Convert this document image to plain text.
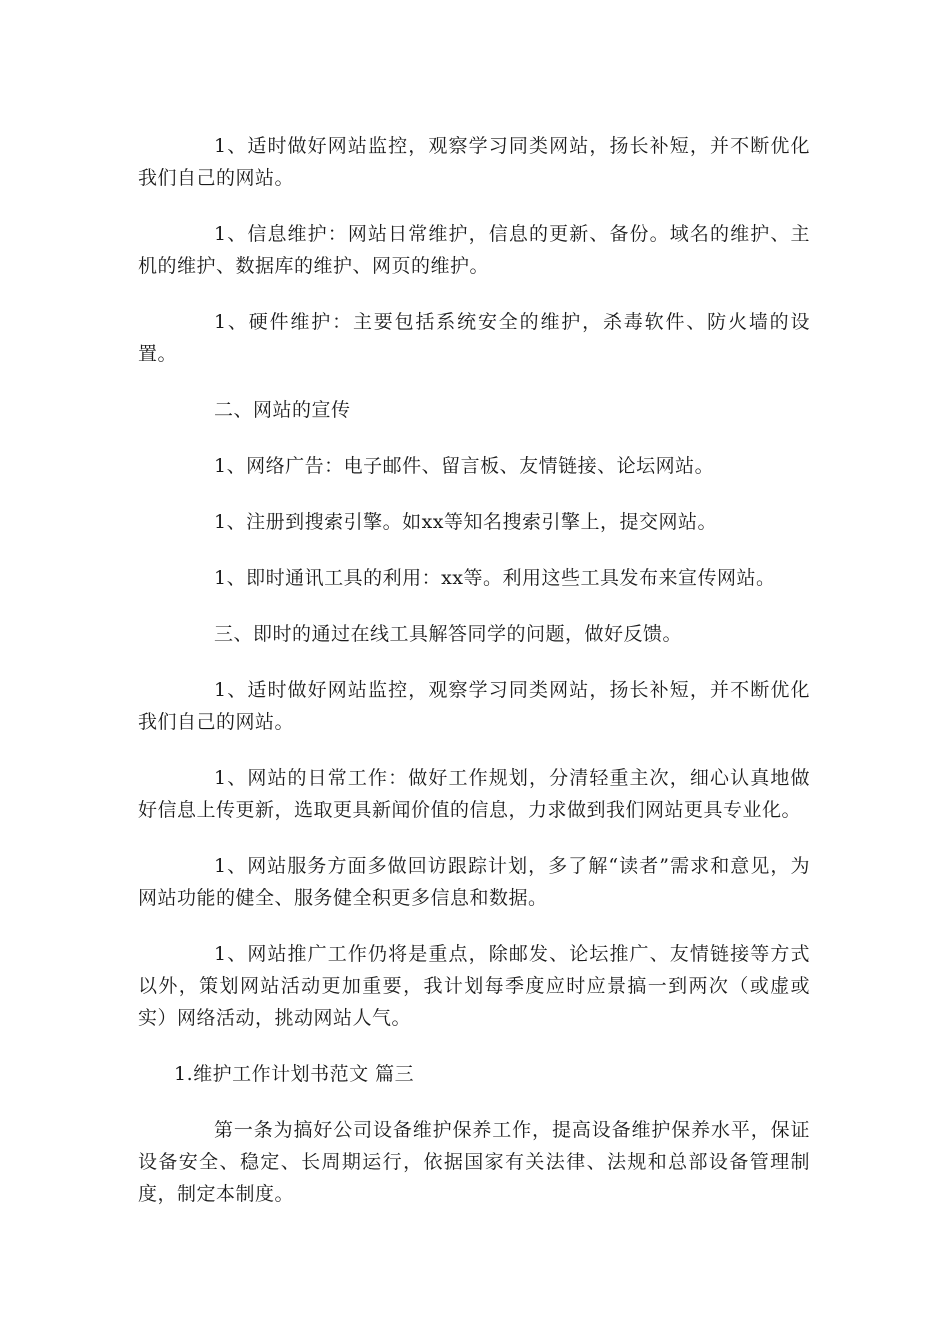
1、适时做好网站监控，观察学习同类网站，扬长补短，并不断优化我们自己的网站。

1、信息维护：网站日常维护，信息的更新、备份。域名的维护、主机的维护、数据库的维护、网页的维护。

1、硬件维护：主要包括系统安全的维护，杀毒软件、防火墙的设置。

二、网站的宣传

1、网络广告：电子邮件、留言板、友情链接、论坛网站。

1、注册到搜索引擎。如xx等知名搜索引擎上，提交网站。

1、即时通讯工具的利用：xx等。利用这些工具发布来宣传网站。

三、即时的通过在线工具解答同学的问题，做好反馈。

1、适时做好网站监控，观察学习同类网站，扬长补短，并不断优化我们自己的网站。

1、网站的日常工作：做好工作规划，分清轻重主次，细心认真地做好信息上传更新，选取更具新闻价值的信息，力求做到我们网站更具专业化。

1、网站服务方面多做回访跟踪计划，多了解“读者”需求和意见，为网站功能的健全、服务健全积更多信息和数据。

1、网站推广工作仍将是重点，除邮发、论坛推广、友情链接等方式以外，策划网站活动更加重要，我计划每季度应时应景搞一到两次（或虚或实）网络活动，挑动网站人气。

1.维护工作计划书范文 篇三

第一条为搞好公司设备维护保养工作，提高设备维护保养水平，保证设备安全、稳定、长周期运行，依据国家有关法律、法规和总部设备管理制度，制定本制度。
